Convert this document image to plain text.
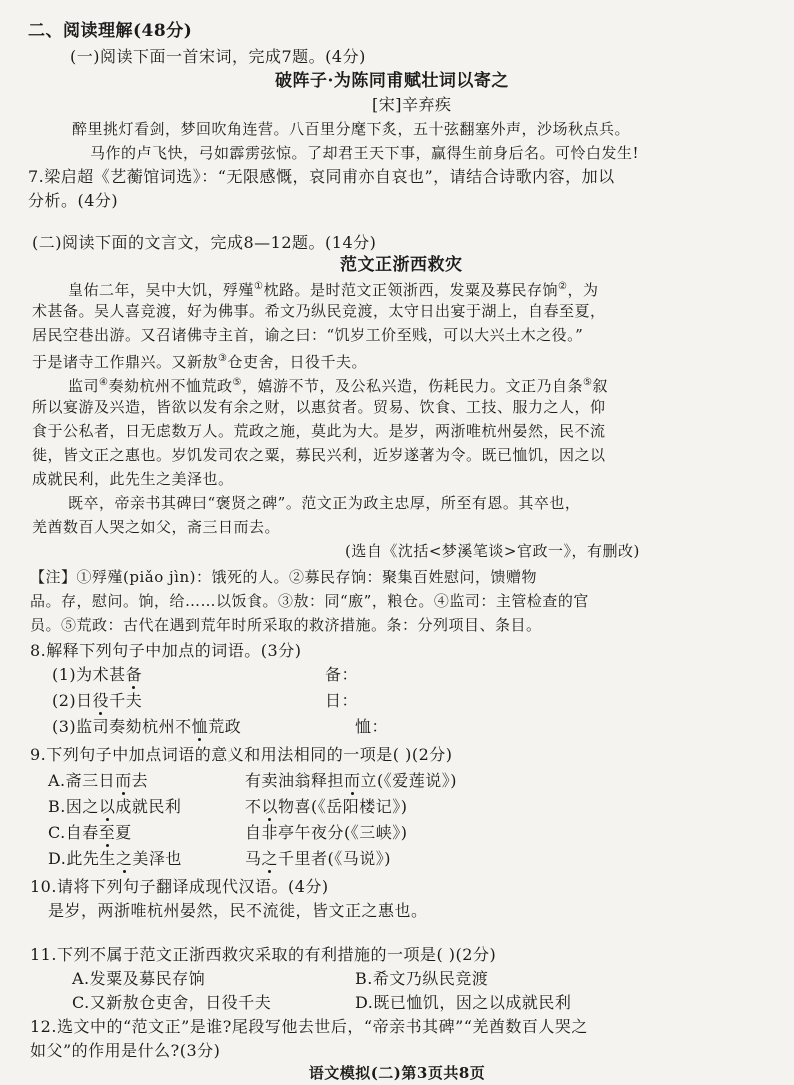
二、阅读理解(48分)
(一)阅读下面一首宋词，完成7题。(4分)
破阵子·为陈同甫赋壮词以寄之
[宋]辛弃疾
醉里挑灯看剑，梦回吹角连营。八百里分麾下炙，五十弦翻塞外声，沙场秋点兵。
马作的卢飞快，弓如霹雳弦惊。了却君王天下事，赢得生前身后名。可怜白发生!
7.梁启超《艺蘅馆词选》：“无限感慨，哀同甫亦自哀也”，请结合诗歌内容，加以
分析。(4分)
(二)阅读下面的文言文，完成8—12题。(14分)
范文正浙西救灾
皇佑二年，吴中大饥，殍殣①枕路。是时范文正领浙西，发粟及募民存饷②，为
术甚备。吴人喜竞渡，好为佛事。希文乃纵民竞渡，太守日出宴于湖上，自春至夏，
居民空巷出游。又召诸佛寺主首，谕之曰：“饥岁工价至贱，可以大兴土木之役。”
于是诸寺工作鼎兴。又新敖③仓吏舍，日役千夫。
监司④奏劾杭州不恤荒政⑤，嬉游不节，及公私兴造，伤耗民力。文正乃自条⑤叙
所以宴游及兴造，皆欲以发有余之财，以惠贫者。贸易、饮食、工技、服力之人，仰
食于公私者，日无虑数万人。荒政之施，莫此为大。是岁，两浙唯杭州晏然，民不流
徙，皆文正之惠也。岁饥发司农之粟，募民兴利，近岁遂著为令。既已恤饥，因之以
成就民利，此先生之美泽也。
既卒，帝亲书其碑曰“褒贤之碑”。范文正为政主忠厚，所至有恩。其卒也，
羌酋数百人哭之如父，斋三日而去。
(选自《沈括<梦溪笔谈>官政一》，有删改)
【注】①殍殣(piǎo jìn)：饿死的人。②募民存饷：聚集百姓慰问，馈赠物
品。存，慰问。饷，给……以饭食。③敖：同“廒”，粮仓。④监司：主管检查的官
员。⑤荒政：古代在遇到荒年时所采取的救济措施。条：分列项目、条目。
8.解释下列句子中加点的词语。(3分)
(1)为术甚备	备：
(2)日役千夫	日：
(3)监司奏劾杭州不恤荒政	恤：
9.下列句子中加点词语的意义和用法相同的一项是( )(2分)
A.斋三日而去	有卖油翁释担而立(《爱莲说》)
B.因之以成就民利	不以物喜(《岳阳楼记》)
C.自春至夏	自非亭午夜分(《三峡》)
D.此先生之美泽也	马之千里者(《马说》)
10.请将下列句子翻译成现代汉语。(4分)
是岁，两浙唯杭州晏然，民不流徙，皆文正之惠也。
11.下列不属于范文正浙西救灾采取的有利措施的一项是( )(2分)
A.发粟及募民存饷	B.希文乃纵民竞渡
C.又新敖仓吏舍，日役千夫	D.既已恤饥，因之以成就民利
12.选文中的“范文正”是谁?尾段写他去世后，“帝亲书其碑”“羌酋数百人哭之
如父”的作用是什么?(3分)
语文模拟(二)第3页共8页
